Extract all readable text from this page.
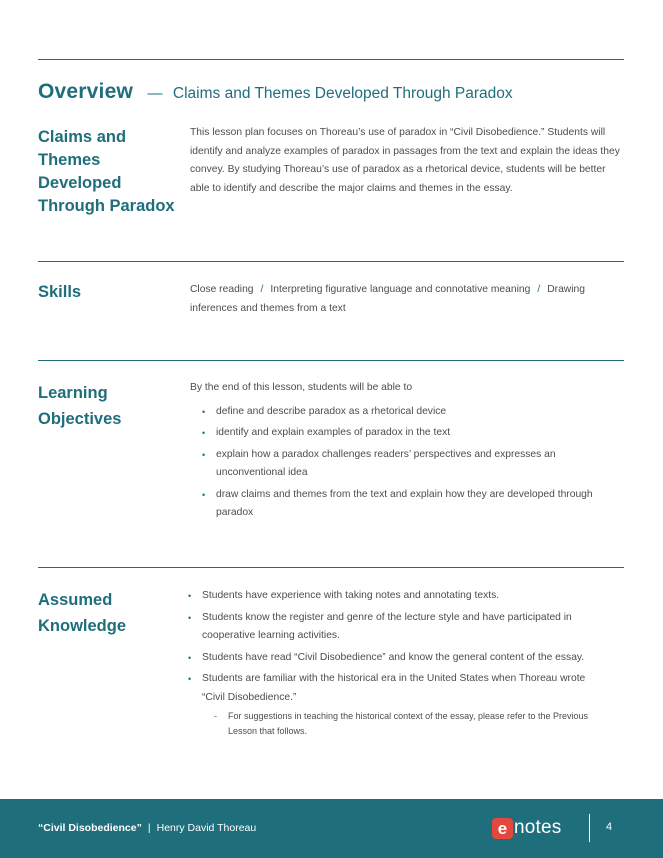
Overview — Claims and Themes Developed Through Paradox
Claims and Themes Developed Through Paradox
This lesson plan focuses on Thoreau’s use of paradox in “Civil Disobedience.” Students will identify and analyze examples of paradox in passages from the text and explain the ideas they convey. By studying Thoreau’s use of paradox as a rhetorical device, students will be better able to identify and describe the major claims and themes in the essay.
Skills	Close reading / Interpreting figurative language and connotative meaning / Drawing inferences and themes from a text
Learning Objectives
By the end of this lesson, students will be able to
• define and describe paradox as a rhetorical device
• identify and explain examples of paradox in the text
• explain how a paradox challenges readers’ perspectives and expresses an unconventional idea
• draw claims and themes from the text and explain how they are developed through paradox
Assumed Knowledge
• Students have experience with taking notes and annotating texts.
• Students know the register and genre of the lecture style and have participated in cooperative learning activities.
• Students have read “Civil Disobedience” and know the general content of the essay.
• Students are familiar with the historical era in the United States when Thoreau wrote “Civil Disobedience.”
- For suggestions in teaching the historical context of the essay, please refer to the Previous Lesson that follows.
“Civil Disobedience” | Henry David Thoreau	e notes	4
